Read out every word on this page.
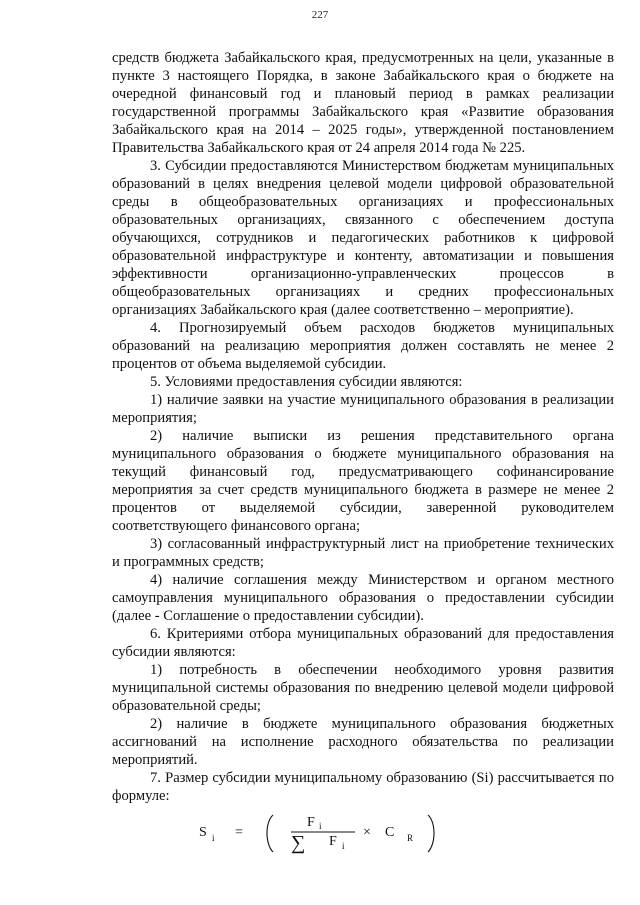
227

средств бюджета Забайкальского края, предусмотренных на цели, указанные в пункте 3 настоящего Порядка, в законе Забайкальского края о бюджете на очередной финансовый год и плановый период в рамках реализации государственной программы Забайкальского края «Развитие образования Забайкальского края на 2014 – 2025 годы», утвержденной постановлением Правительства Забайкальского края от 24 апреля 2014 года № 225.

3. Субсидии предоставляются Министерством бюджетам муниципальных образований в целях внедрения целевой модели цифровой образовательной среды в общеобразовательных организациях и профессиональных образовательных организациях, связанного с обеспечением доступа обучающихся, сотрудников и педагогических работников к цифровой образовательной инфраструктуре и контенту, автоматизации и повышения эффективности организационно-управленческих процессов в общеобразовательных организациях и средних профессиональных организациях Забайкальского края (далее соответственно – мероприятие).

4. Прогнозируемый объем расходов бюджетов муниципальных образований на реализацию мероприятия должен составлять не менее 2 процентов от объема выделяемой субсидии.

5. Условиями предоставления субсидии являются:

1) наличие заявки на участие муниципального образования в реализации мероприятия;

2) наличие выписки из решения представительного органа муниципального образования о бюджете муниципального образования на текущий финансовый год, предусматривающего софинансирование мероприятия за счет средств муниципального бюджета в размере не менее 2 процентов от выделяемой субсидии, заверенной руководителем соответствующего финансового органа;

3) согласованный инфраструктурный лист на приобретение технических и программных средств;

4) наличие соглашения между Министерством и органом местного самоуправления муниципального образования о предоставлении субсидии (далее - Соглашение о предоставлении субсидии).

6. Критериями отбора муниципальных образований для предоставления субсидии являются:

1) потребность в обеспечении необходимого уровня развития муниципальной системы образования по внедрению целевой модели цифровой образовательной среды;

2) наличие в бюджете муниципального образования бюджетных ассигнований на исполнение расходного обязательства по реализации мероприятий.

7. Размер субсидии муниципальному образованию (Si) рассчитывается по формуле:

S i =
F i
∑ F i
× C R
